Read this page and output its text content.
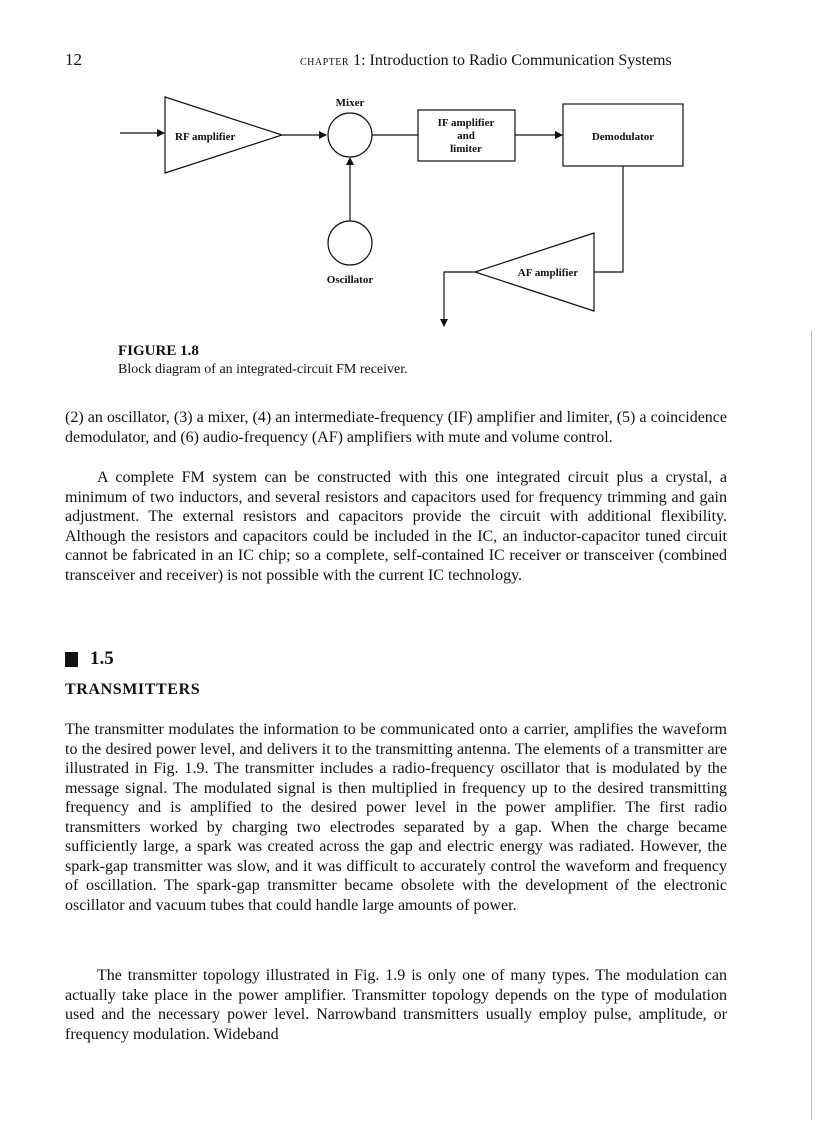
12	chapter 1: Introduction to Radio Communication Systems
RF amplifier
Mixer
IF amplifier
and
limiter
Demodulator
Oscillator
AF amplifier

FIGURE 1.8

Block diagram of an integrated-circuit FM receiver.

(2) an oscillator, (3) a mixer, (4) an intermediate-frequency (IF) amplifier and limiter, (5) a coincidence demodulator, and (6) audio-frequency (AF) amplifiers with mute and volume control.

A complete FM system can be constructed with this one integrated circuit plus a crystal, a minimum of two inductors, and several resistors and capacitors used for frequency trimming and gain adjustment. The external resistors and capacitors provide the circuit with additional flexibility. Although the resistors and capacitors could be included in the IC, an inductor-capacitor tuned circuit cannot be fabricated in an IC chip; so a complete, self-contained IC receiver or transceiver (combined transceiver and receiver) is not possible with the current IC technology.

1.5
TRANSMITTERS

The transmitter modulates the information to be communicated onto a carrier, amplifies the waveform to the desired power level, and delivers it to the transmitting antenna. The elements of a transmitter are illustrated in Fig. 1.9. The transmitter includes a radio-frequency oscillator that is modulated by the message signal. The modulated signal is then multiplied in frequency up to the desired transmitting frequency and is amplified to the desired power level in the power amplifier. The first radio transmitters worked by charging two electrodes separated by a gap. When the charge became sufficiently large, a spark was created across the gap and electric energy was radiated. However, the spark-gap transmitter was slow, and it was difficult to accurately control the waveform and frequency of oscillation. The spark-gap transmitter became obsolete with the development of the electronic oscillator and vacuum tubes that could handle large amounts of power.

The transmitter topology illustrated in Fig. 1.9 is only one of many types. The modulation can actually take place in the power amplifier. Transmitter topology depends on the type of modulation used and the necessary power level. Narrowband transmitters usually employ pulse, amplitude, or frequency modulation. Wideband
